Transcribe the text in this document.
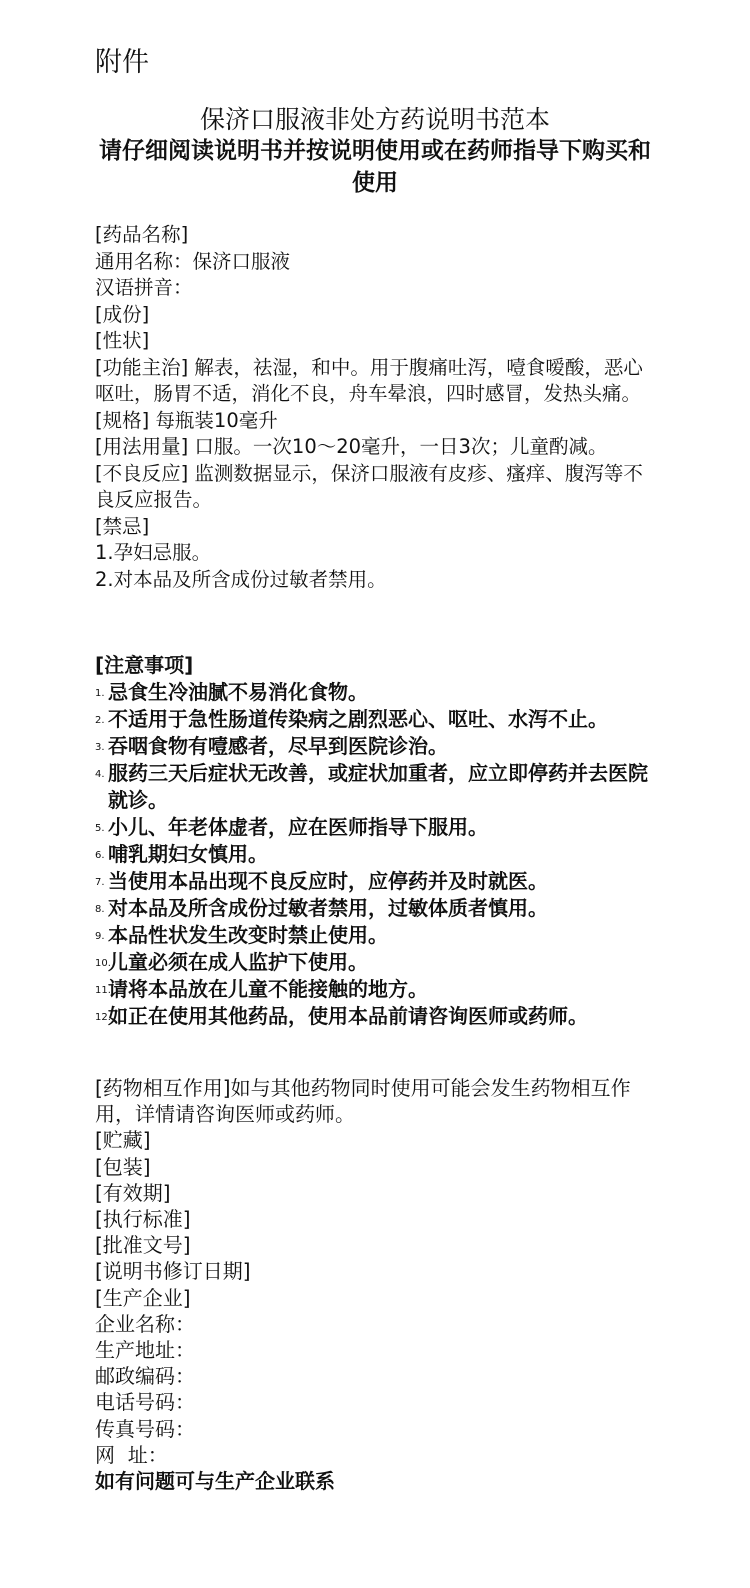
附件
保济口服液非处方药说明书范本
请仔细阅读说明书并按说明使用或在药师指导下购买和使用
[药品名称]
通用名称：保济口服液
汉语拼音：
[成份]
[性状]
[功能主治] 解表，祛湿，和中。用于腹痛吐泻，噎食嗳酸，恶心呕吐，肠胃不适，消化不良，舟车晕浪，四时感冒，发热头痛。
[规格] 每瓶装10毫升
[用法用量] 口服。一次10～20毫升，一日3次；儿童酌减。
[不良反应] 监测数据显示，保济口服液有皮疹、瘙痒、腹泻等不良反应报告。
[禁忌]
1.孕妇忌服。
2.对本品及所含成份过敏者禁用。
[注意事项]
1. 忌食生冷油腻不易消化食物。
2. 不适用于急性肠道传染病之剧烈恶心、呕吐、水泻不止。
3. 吞咽食物有噎感者，尽早到医院诊治。
4. 服药三天后症状无改善，或症状加重者，应立即停药并去医院就诊。
5. 小儿、年老体虚者，应在医师指导下服用。
6. 哺乳期妇女慎用。
7. 当使用本品出现不良反应时，应停药并及时就医。
8. 对本品及所含成份过敏者禁用，过敏体质者慎用。
9. 本品性状发生改变时禁止使用。
10.
儿童必须在成人监护下使用。
11.
请将本品放在儿童不能接触的地方。
12.
如正在使用其他药品，使用本品前请咨询医师或药师。
[药物相互作用]如与其他药物同时使用可能会发生药物相互作用，详情请咨询医师或药师。
[贮藏]
[包装]
[有效期]
[执行标准]
[批准文号]
[说明书修订日期]
[生产企业]
企业名称：
生产地址：
邮政编码：
电话号码：
传真号码：
网  址：
如有问题可与生产企业联系
